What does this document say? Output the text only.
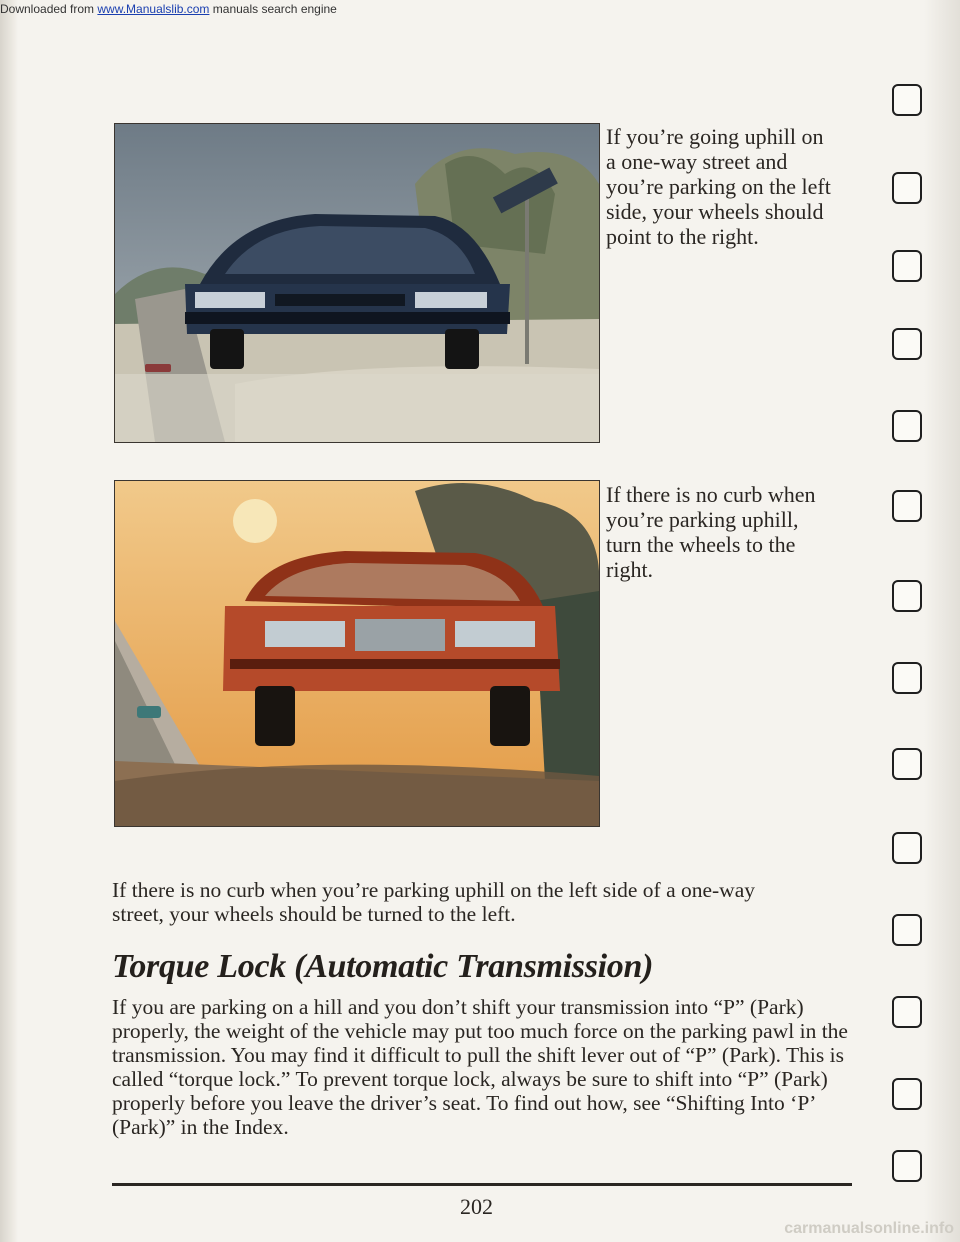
Downloaded from www.Manualslib.com manuals search engine
If you’re going uphill on a one-way street and you’re parking on the left side, your wheels should point to the right.
If there is no curb when you’re parking uphill, turn the wheels to the right.

If there is no curb when you’re parking uphill on the left side of a one-way street, your wheels should be turned to the left.

Torque Lock (Automatic Transmission)

If you are parking on a hill and you don’t shift your transmission into “P” (Park) properly, the weight of the vehicle may put too much force on the parking pawl in the transmission. You may find it difficult to pull the shift lever out of “P” (Park). This is called “torque lock.” To prevent torque lock, always be sure to shift into “P” (Park) properly before you leave the driver’s seat. To find out how, see “Shifting Into ‘P’ (Park)” in the Index.

202
carmanualsonline.info
